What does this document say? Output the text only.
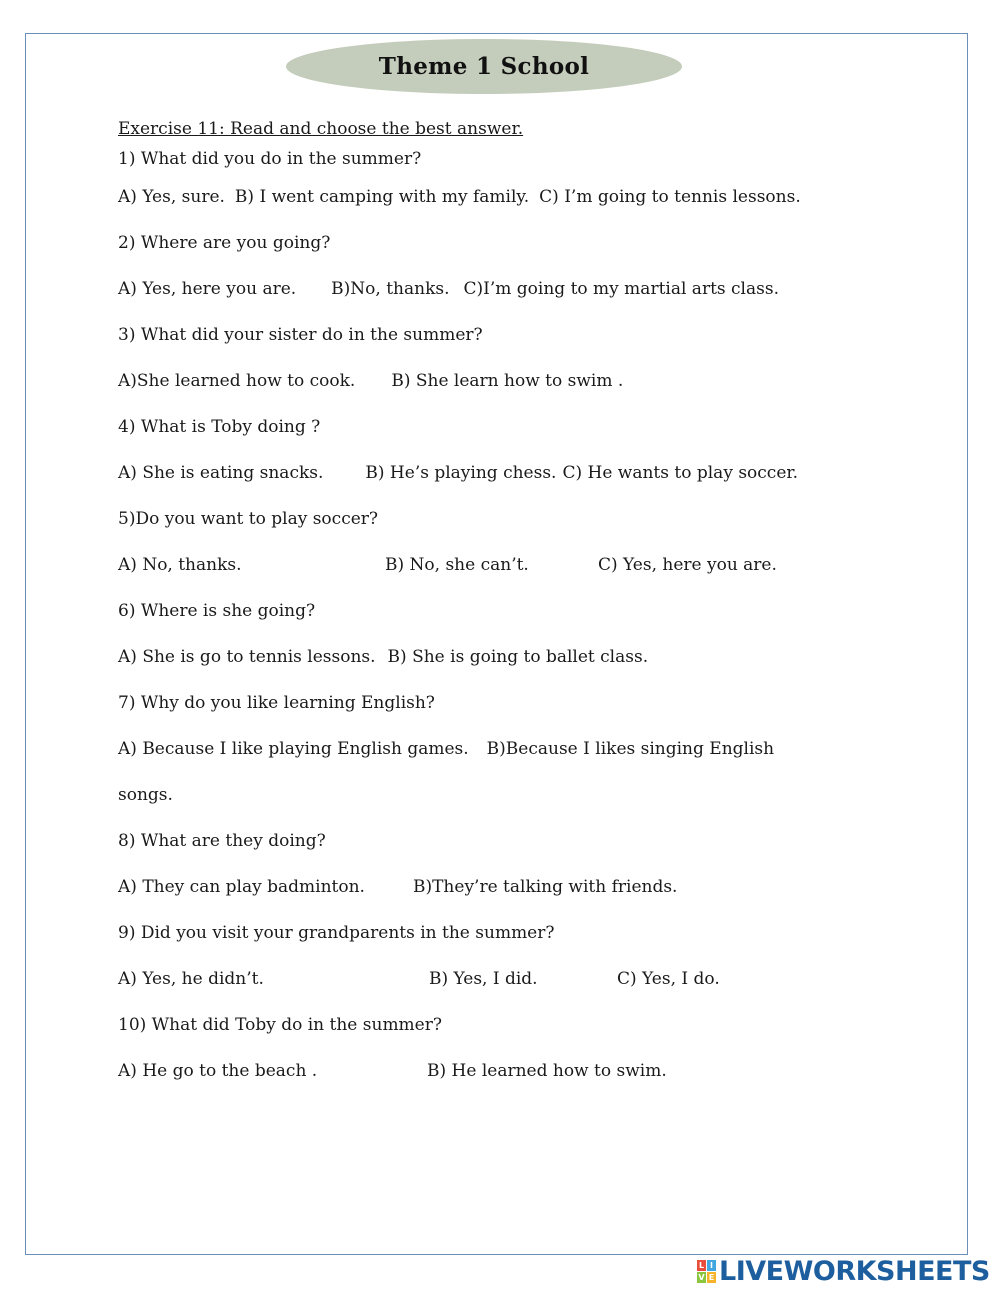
Theme 1 School
Exercise 11: Read and choose the best answer.
1) What did you do in the summer?
A) Yes, sure. B) I went camping with my family. C) I’m going to tennis lessons.
2) Where are you going?
A) Yes, here you are. B)No, thanks. C)I’m going to my martial arts class.
3) What did your sister do in the summer?
A)She learned how to cook. B) She learn how to swim .
4) What is Toby doing ?
A) She is eating snacks. B) He’s playing chess. C) He wants to play soccer.
5)Do you want to play soccer?
A) No, thanks.	B) No, she can’t.	C) Yes, here you are.
6) Where is she going?
A) She is go to tennis lessons. B) She is going to ballet class.
7) Why do you like learning English?
A) Because I like playing English games. B)Because I likes singing English
songs.
8) What are they doing?
A) They can play badminton.	B)They’re talking with friends.
9) Did you visit your grandparents in the summer?
A) Yes, he didn’t.	B) Yes, I did.	C) Yes, I do.
10) What did Toby do in the summer?
A) He go to the beach .	B) He learned how to swim.
L I
V E LIVEWORKSHEETS
